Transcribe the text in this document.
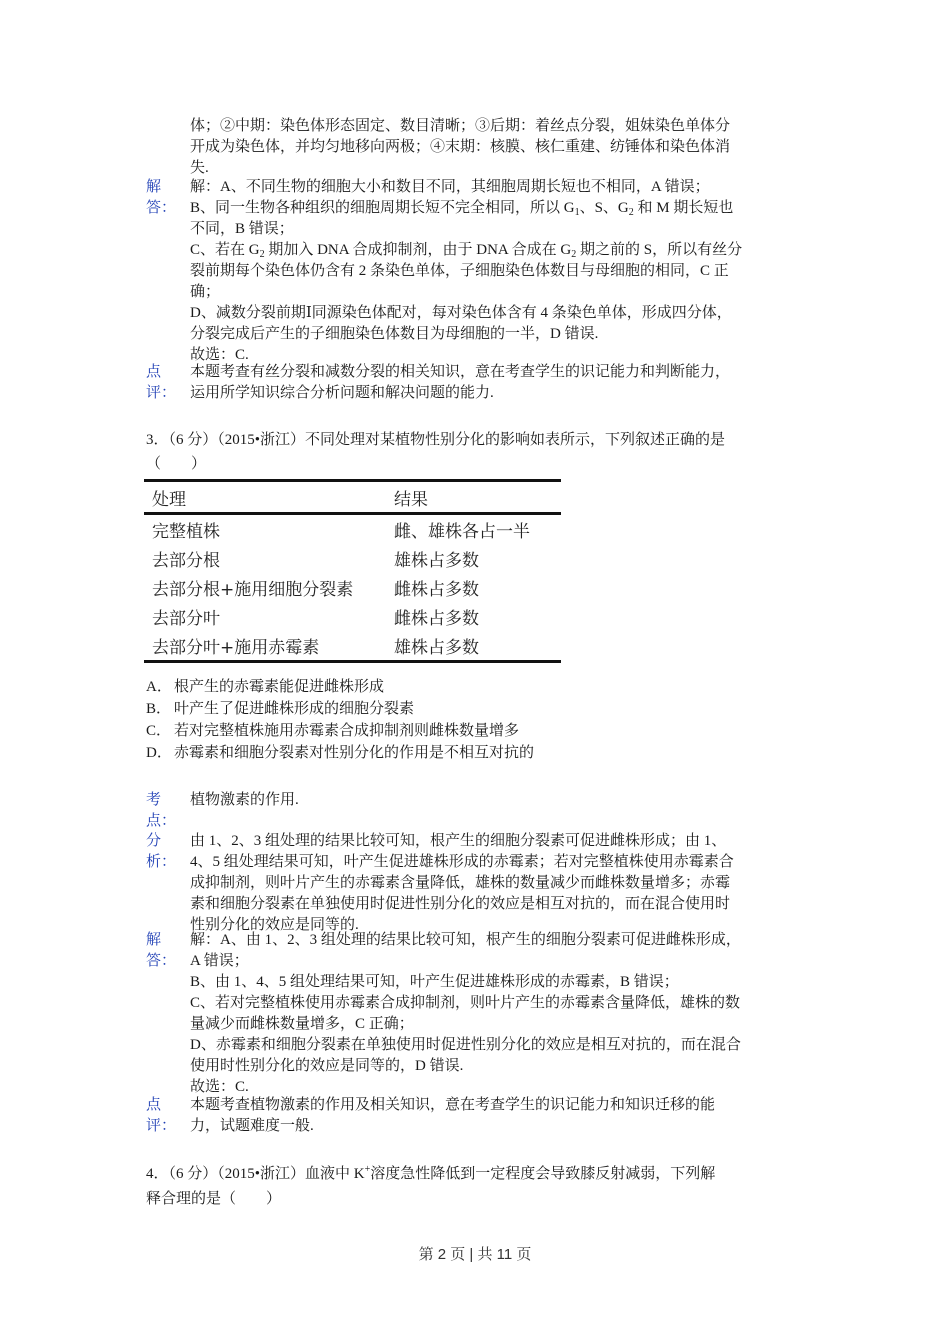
体；②中期：染色体形态固定、数目清晰；③后期：着丝点分裂，姐妹染色单体分

开成为染色体，并均匀地移向两极；④末期：核膜、核仁重建、纺锤体和染色体消

失.

解
答：

解：A、不同生物的细胞大小和数目不同，其细胞周期长短也不相同，A 错误；

B、同一生物各种组织的细胞周期长短不完全相同，所以 $G_1$、S、$G_2$ 和 M 期长短也

不同，B 错误；

C、若在 $G_2$ 期加入 DNA 合成抑制剂，由于 DNA 合成在 $G_2$ 期之前的 S，所以有丝分

裂前期每个染色体仍含有 2 条染色单体，子细胞染色体数目与母细胞的相同，C 正

确；

D、减数分裂前期Ⅰ同源染色体配对，每对染色体含有 4 条染色单体，形成四分体，

分裂完成后产生的子细胞染色体数目为母细胞的一半，D 错误.

故选：C.

点
评：

本题考查有丝分裂和减数分裂的相关知识，意在考查学生的识记能力和判断能力，

运用所学知识综合分析问题和解决问题的能力.

3．（6 分）（2015•浙江）不同处理对某植物性别分化的影响如表所示，下列叙述正确的是

（　　）

处理	结果
完整植株	雌、雄株各占一半
去部分根	雄株占多数
去部分根+施用细胞分裂素	雌株占多数
去部分叶	雌株占多数
去部分叶+施用赤霉素	雄株占多数
A． 根产生的赤霉素能促进雌株形成
B． 叶产生了促进雌株形成的细胞分裂素
C． 若对完整植株施用赤霉素合成抑制剂则雌株数量增多
D． 赤霉素和细胞分裂素对性别分化的作用是不相互对抗的
考
点：

植物激素的作用.

分
析：

由 1、2、3 组处理的结果比较可知，根产生的细胞分裂素可促进雌株形成；由 1、

4、5 组处理结果可知，叶产生促进雄株形成的赤霉素；若对完整植株使用赤霉素合

成抑制剂，则叶片产生的赤霉素含量降低，雄株的数量减少而雌株数量增多；赤霉

素和细胞分裂素在单独使用时促进性别分化的效应是相互对抗的，而在混合使用时

性别分化的效应是同等的.

解
答：

解：A、由 1、2、3 组处理的结果比较可知，根产生的细胞分裂素可促进雌株形成，

A 错误；

B、由 1、4、5 组处理结果可知，叶产生促进雄株形成的赤霉素，B 错误；

C、若对完整植株使用赤霉素合成抑制剂，则叶片产生的赤霉素含量降低，雄株的数

量减少而雌株数量增多，C 正确；

D、赤霉素和细胞分裂素在单独使用时促进性别分化的效应是相互对抗的，而在混合

使用时性别分化的效应是同等的，D 错误.

故选：C.

点
评：

本题考查植物激素的作用及相关知识，意在考查学生的识记能力和知识迁移的能

力，试题难度一般.

4．（6 分）（2015•浙江）血液中 K+溶度急性降低到一定程度会导致膝反射减弱，下列解

释合理的是（　　）

第 2 页 | 共 11 页
